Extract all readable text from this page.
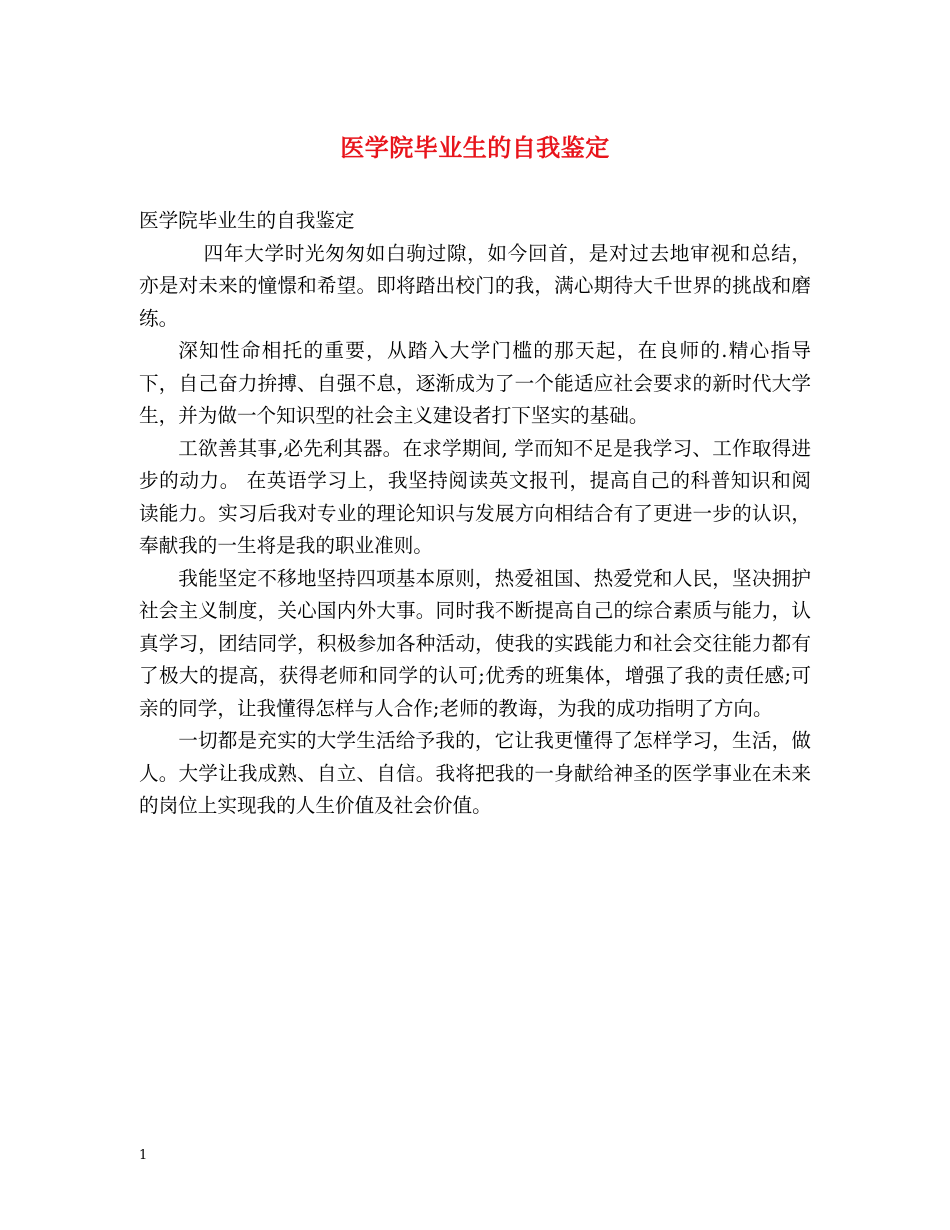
医学院毕业生的自我鉴定

医学院毕业生的自我鉴定

四年大学时光匆匆如白驹过隙，如今回首，是对过去地审视和总结，亦是对未来的憧憬和希望。即将踏出校门的我，满心期待大千世界的挑战和磨练。

深知性命相托的重要，从踏入大学门槛的那天起，在良师的.精心指导下，自己奋力拚搏、自强不息，逐渐成为了一个能适应社会要求的新时代大学生，并为做一个知识型的社会主义建设者打下坚实的基础。

工欲善其事,必先利其器。在求学期间, 学而知不足是我学习、工作取得进步的动力。 在英语学习上，我坚持阅读英文报刊，提高自己的科普知识和阅读能力。实习后我对专业的理论知识与发展方向相结合有了更进一步的认识，奉献我的一生将是我的职业准则。

我能坚定不移地坚持四项基本原则，热爱祖国、热爱党和人民，坚决拥护社会主义制度，关心国内外大事。同时我不断提高自己的综合素质与能力，认真学习，团结同学，积极参加各种活动，使我的实践能力和社会交往能力都有了极大的提高，获得老师和同学的认可;优秀的班集体，增强了我的责任感;可亲的同学，让我懂得怎样与人合作;老师的教诲，为我的成功指明了方向。

一切都是充实的大学生活给予我的，它让我更懂得了怎样学习，生活，做人。大学让我成熟、自立、自信。我将把我的一身献给神圣的医学事业在未来的岗位上实现我的人生价值及社会价值。

1
